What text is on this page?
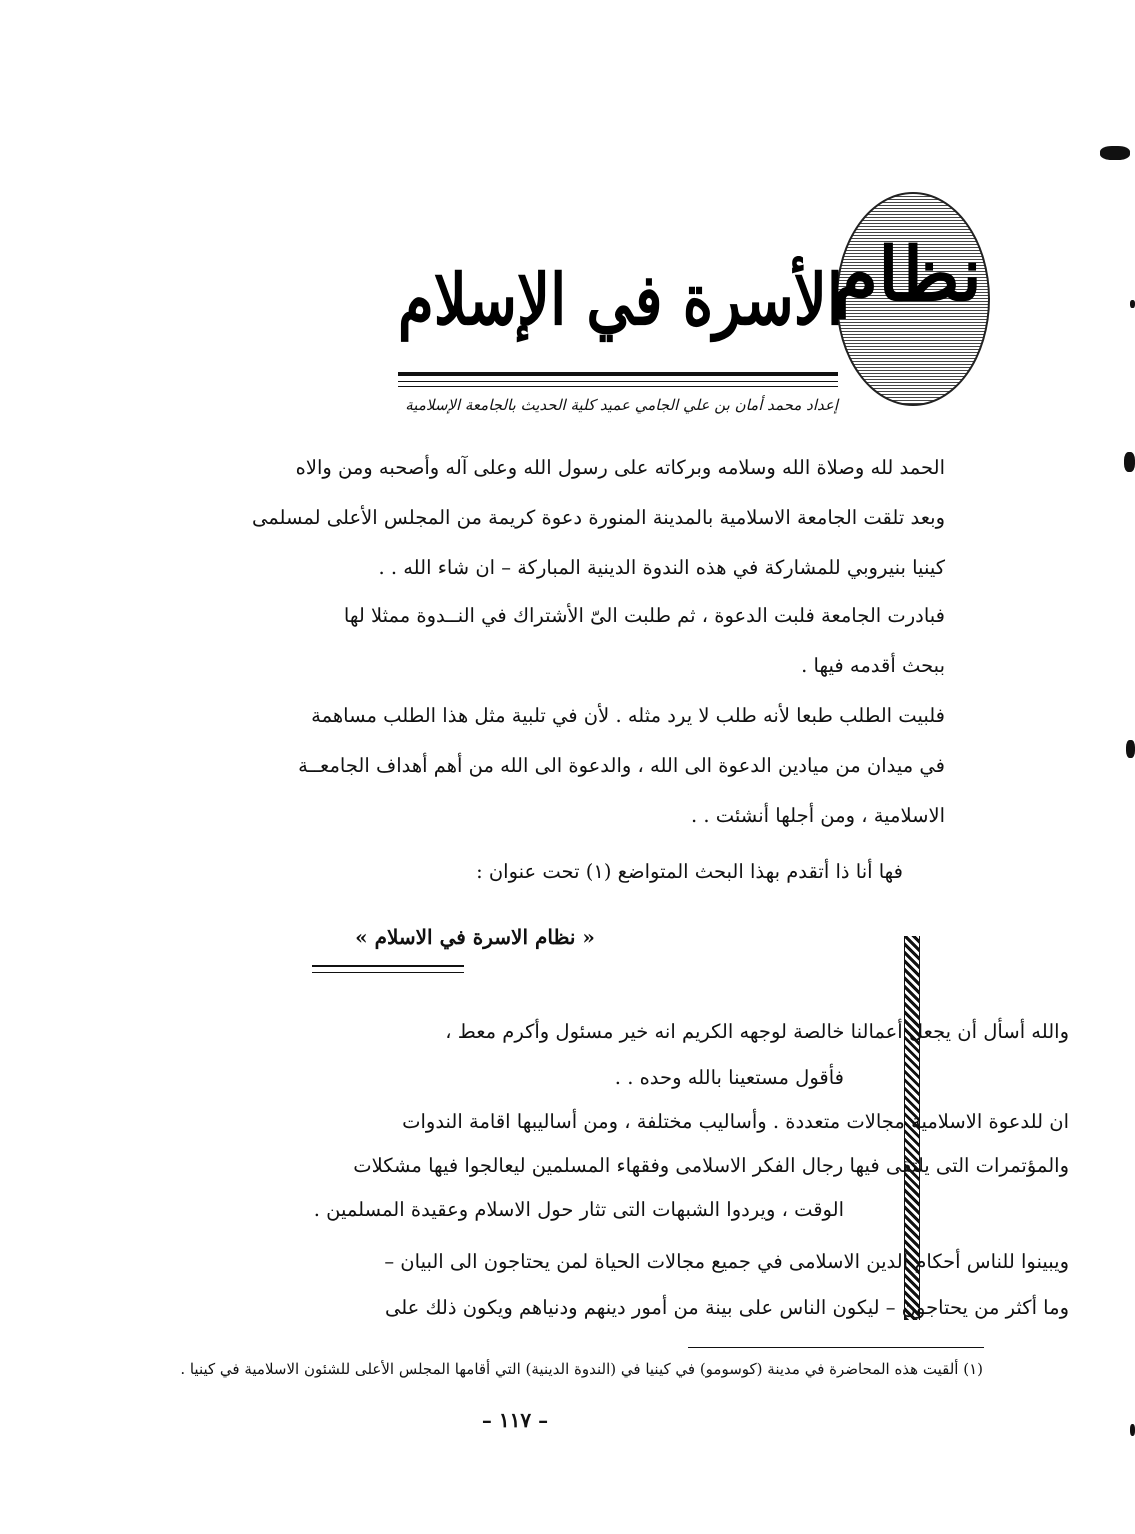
نظام
الأسرة في الإسلام
إعداد محمد أمان بن علي الجامي عميد كلية الحديث بالجامعة الإسلامية
الحمد لله وصلاة الله وسلامه وبركاته على رسول الله وعلى آله وأصحبه ومن والاه
وبعد تلقت الجامعة الاسلامية بالمدينة المنورة دعوة كريمة من المجلس الأعلى لمسلمى
كينيا بنيروبي للمشاركة في هذه الندوة الدينية المباركة – ان شاء الله . .
فبادرت الجامعة فلبت الدعوة ، ثم طلبت الىّ الأشتراك في النــدوة ممثلا لها
ببحث أقدمه فيها .
فلبيت الطلب طبعا لأنه طلب لا يرد مثله . لأن في تلبية مثل هذا الطلب مساهمة
في ميدان من ميادين الدعوة الى الله ، والدعوة الى الله من أهم أهداف الجامعــة
الاسلامية ، ومن أجلها أنشئت . .
فها أنا ذا أتقدم بهذا البحث المتواضع (١) تحت عنوان :
« نظام الاسرة في الاسلام »
والله أسأل أن يجعل أعمالنا خالصة لوجهه الكريم انه خير مسئول وأكرم معط ،
فأقول مستعينا بالله وحده . .
ان للدعوة الاسلامية مجالات متعددة . وأساليب مختلفة ، ومن أساليبها اقامة الندوات
والمؤتمرات التى يلتقى فيها رجال الفكر الاسلامى وفقهاء المسلمين ليعالجوا فيها مشكلات
الوقت ، ويردوا الشبهات التى تثار حول الاسلام وعقيدة المسلمين .
ويبينوا للناس أحكام الدين الاسلامى في جميع مجالات الحياة لمن يحتاجون الى البيان –
وما أكثر من يحتاجون – ليكون الناس على بينة من أمور دينهم ودنياهم ويكون ذلك على
(١) ألقيت هذه المحاضرة في مدينة (كوسومو) في كينيا في (الندوة الدينية) التي أقامها المجلس الأعلى للشئون الاسلامية في كينيا .
– ١١٧ –
